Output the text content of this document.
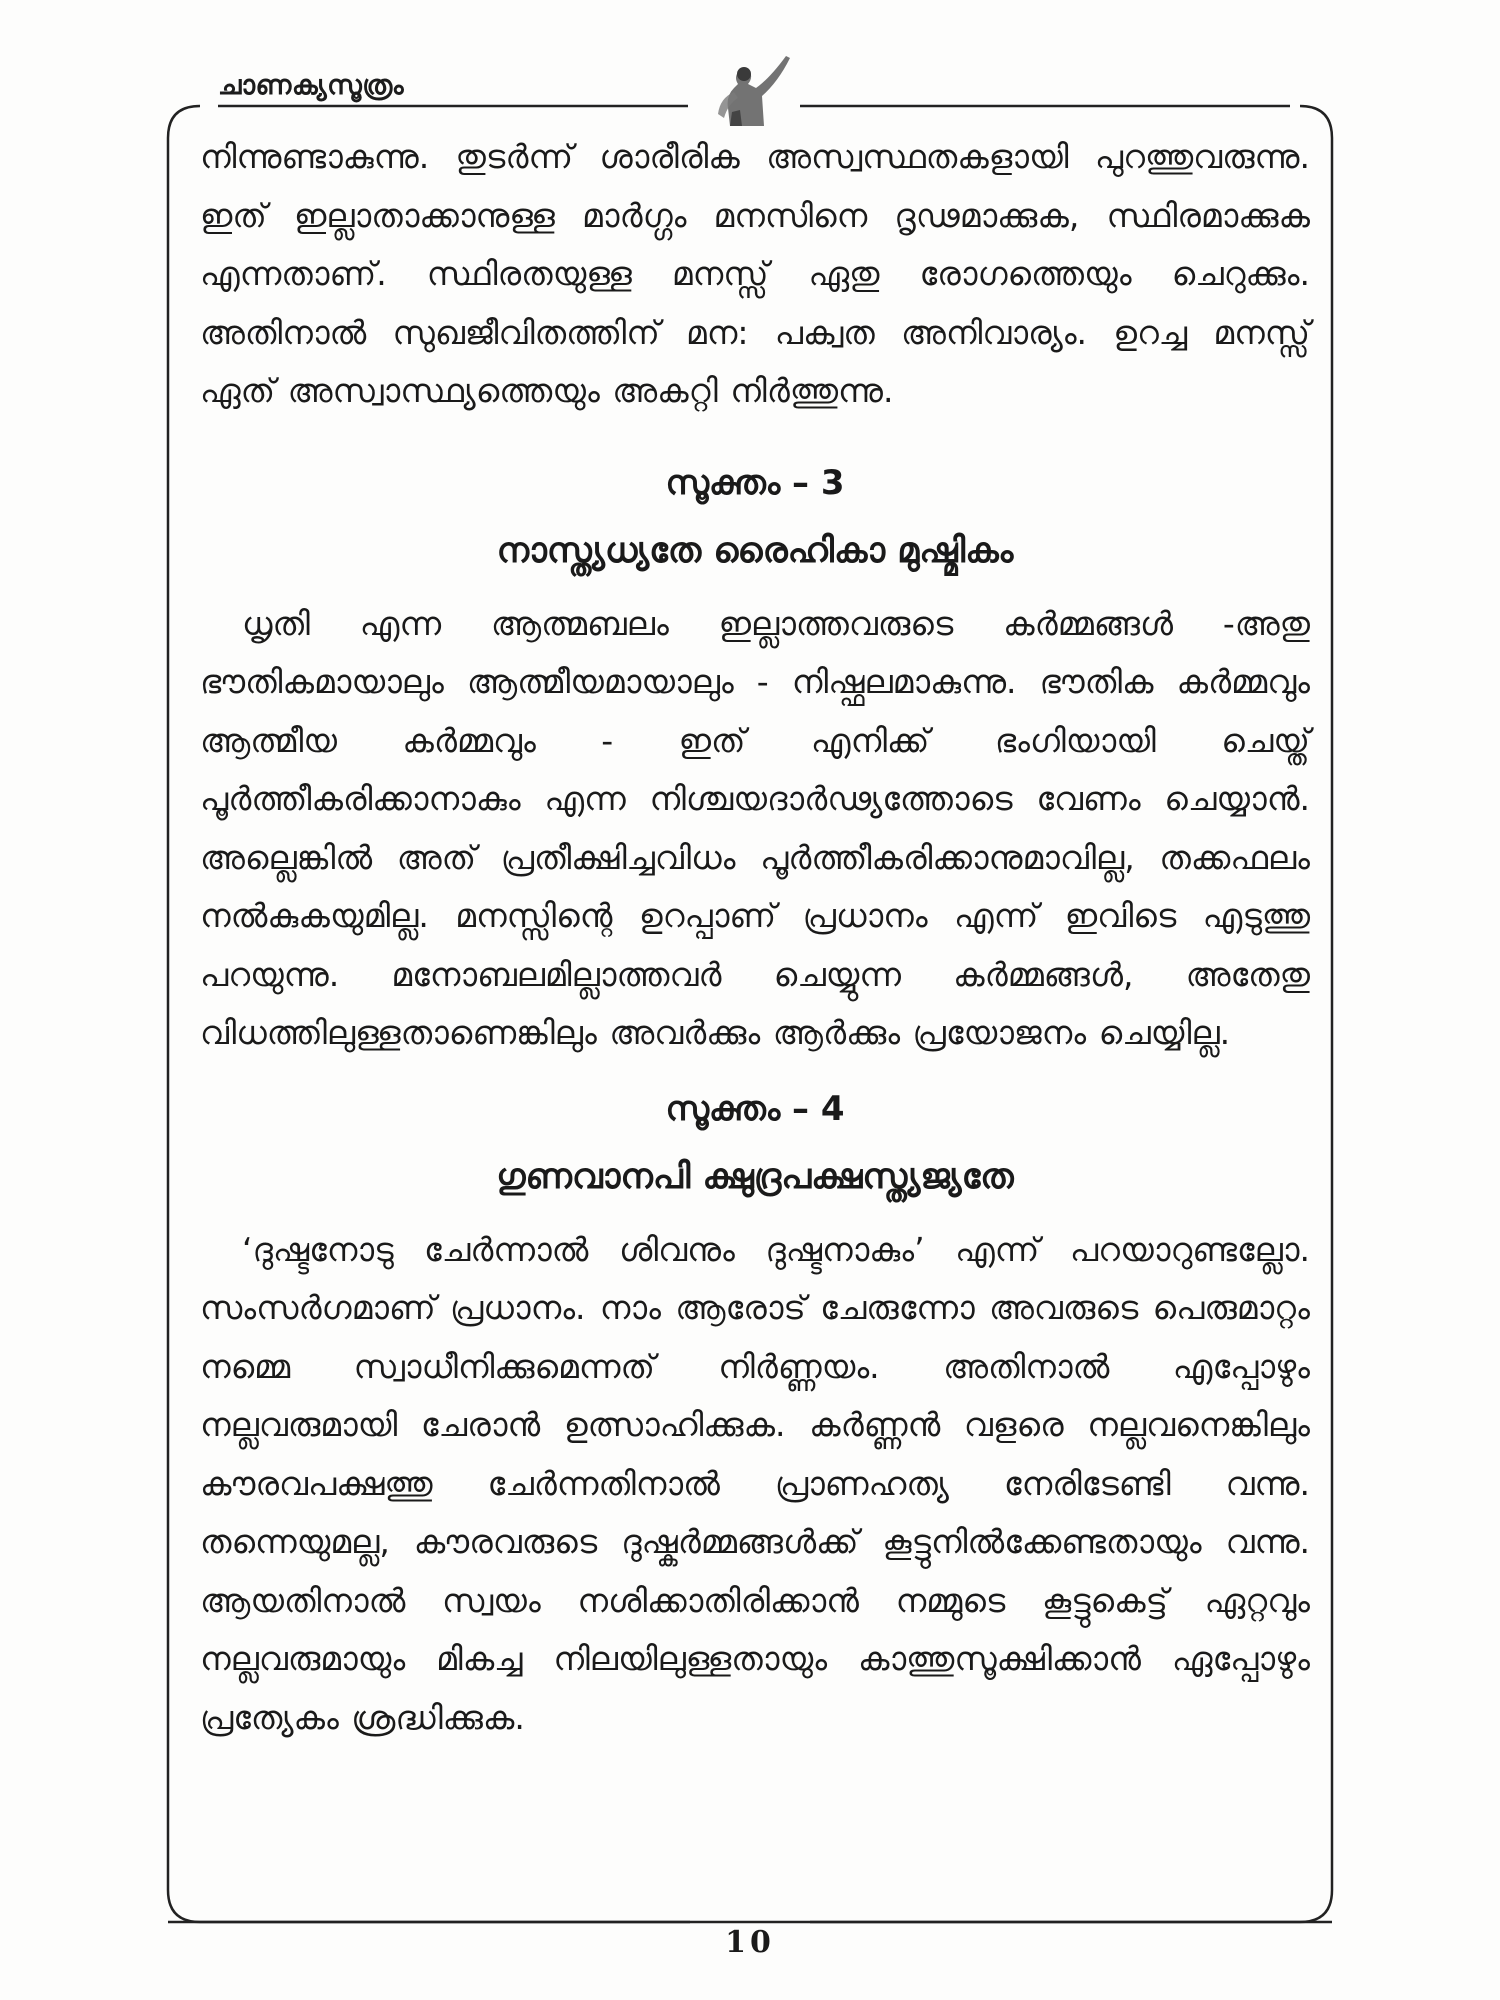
ചാണക്യസൂത്രം

നിന്നുണ്ടാകുന്നു. തുടർന്ന് ശാരീരിക അസ്വസ്ഥതകളായി പുറത്തുവരുന്നു. ഇത് ഇല്ലാതാക്കാനുള്ള മാർഗ്ഗം മനസിനെ ദൃഢമാക്കുക, സ്ഥിരമാക്കുക എന്നതാണ്. സ്ഥിരതയുള്ള മനസ്സ് ഏതു രോഗത്തെയും ചെറുക്കും. അതിനാൽ സുഖജീവിതത്തിന് മന: പക്വത അനിവാര്യം. ഉറച്ച മനസ്സ് ഏത് അസ്വാസ്ഥ്യത്തെയും അകറ്റി നിർത്തുന്നു.

സൂക്തം – 3

നാസ്ത്യധ്യതേ രൈഹികാ മുഷ്മികം

ധൃതി എന്ന ആത്മബലം ഇല്ലാത്തവരുടെ കർമ്മങ്ങൾ -അതു ഭൗതികമായാലും ആത്മീയമായാലും - നിഷ്ഫലമാകുന്നു. ഭൗതിക കർമ്മവും ആത്മീയ കർമ്മവും - ഇത് എനിക്ക് ഭംഗിയായി ചെയ്ത് പൂർത്തീകരിക്കാനാകും എന്ന നിശ്ചയദാർഢ്യത്തോടെ വേണം ചെയ്യാൻ. അല്ലെങ്കിൽ അത് പ്രതീക്ഷിച്ചവിധം പൂർത്തീകരിക്കാനുമാവില്ല, തക്കഫലം നൽകുകയുമില്ല. മനസ്സിന്റെ ഉറപ്പാണ് പ്രധാനം എന്ന് ഇവിടെ എടുത്തു പറയുന്നു. മനോബലമില്ലാത്തവർ ചെയ്യുന്ന കർമ്മങ്ങൾ, അതേതു വിധത്തിലുള്ളതാണെങ്കിലും അവർക്കും ആർക്കും പ്രയോജനം ചെയ്യില്ല.

സൂക്തം – 4

ഗുണവാനപി ക്ഷുദ്രപക്ഷസ്ത്യജ്യതേ

‘ദുഷ്ടനോടു ചേർന്നാൽ ശിവനും ദുഷ്ടനാകും’ എന്ന് പറയാറുണ്ടല്ലോ. സംസർഗമാണ് പ്രധാനം. നാം ആരോട് ചേരുന്നോ അവരുടെ പെരുമാറ്റം നമ്മെ സ്വാധീനിക്കുമെന്നത് നിർണ്ണയം. അതിനാൽ എപ്പോഴും നല്ലവരുമായി ചേരാൻ ഉത്സാഹിക്കുക. കർണ്ണൻ വളരെ നല്ലവനെങ്കിലും കൗരവപക്ഷത്തു ചേർന്നതിനാൽ പ്രാണഹത്യ നേരിടേണ്ടി വന്നു. തന്നെയുമല്ല, കൗരവരുടെ ദുഷ്കർമ്മങ്ങൾക്ക് കൂട്ടുനിൽക്കേണ്ടതായും വന്നു. ആയതിനാൽ സ്വയം നശിക്കാതിരിക്കാൻ നമ്മുടെ കൂട്ടുകെട്ട് ഏറ്റവും നല്ലവരുമായും മികച്ച നിലയിലുള്ളതായും കാത്തുസൂക്ഷിക്കാൻ ഏപ്പോഴും പ്രത്യേകം ശ്രദ്ധിക്കുക.

10
